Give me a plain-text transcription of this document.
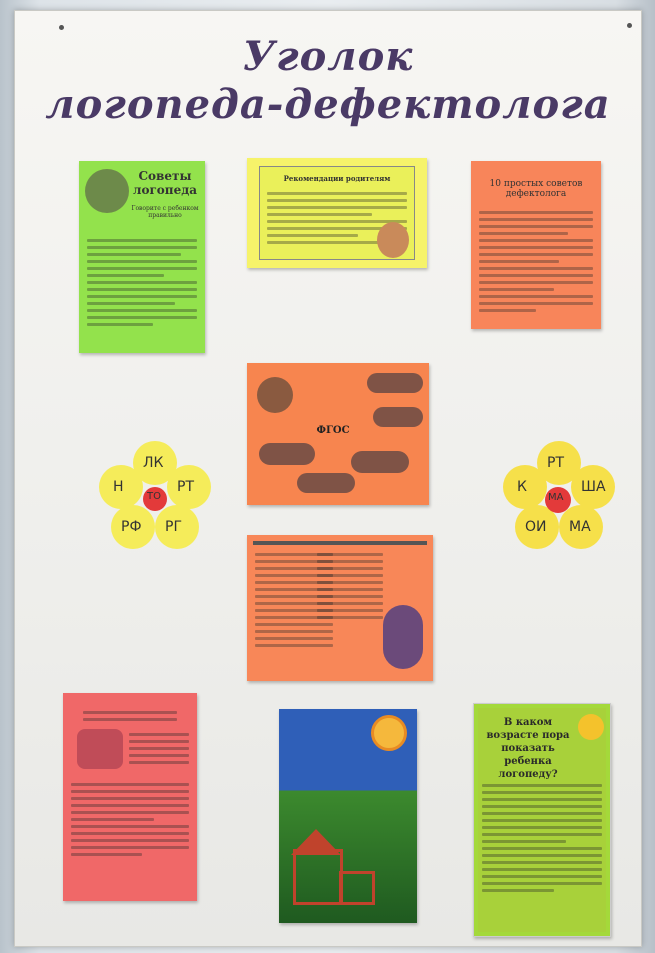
Уголок
логопеда-дефектолога
Советы логопеда
Говорите с ребенком правильно
Рекомендации родителям
10 простых советов дефектолога
ФГОС
В каком возрасте пора показать ребенка логопеду?
ТО
ЛК
РТ
РГ
РФ
Н
МА
РТ
ША
МА
ОИ
К
